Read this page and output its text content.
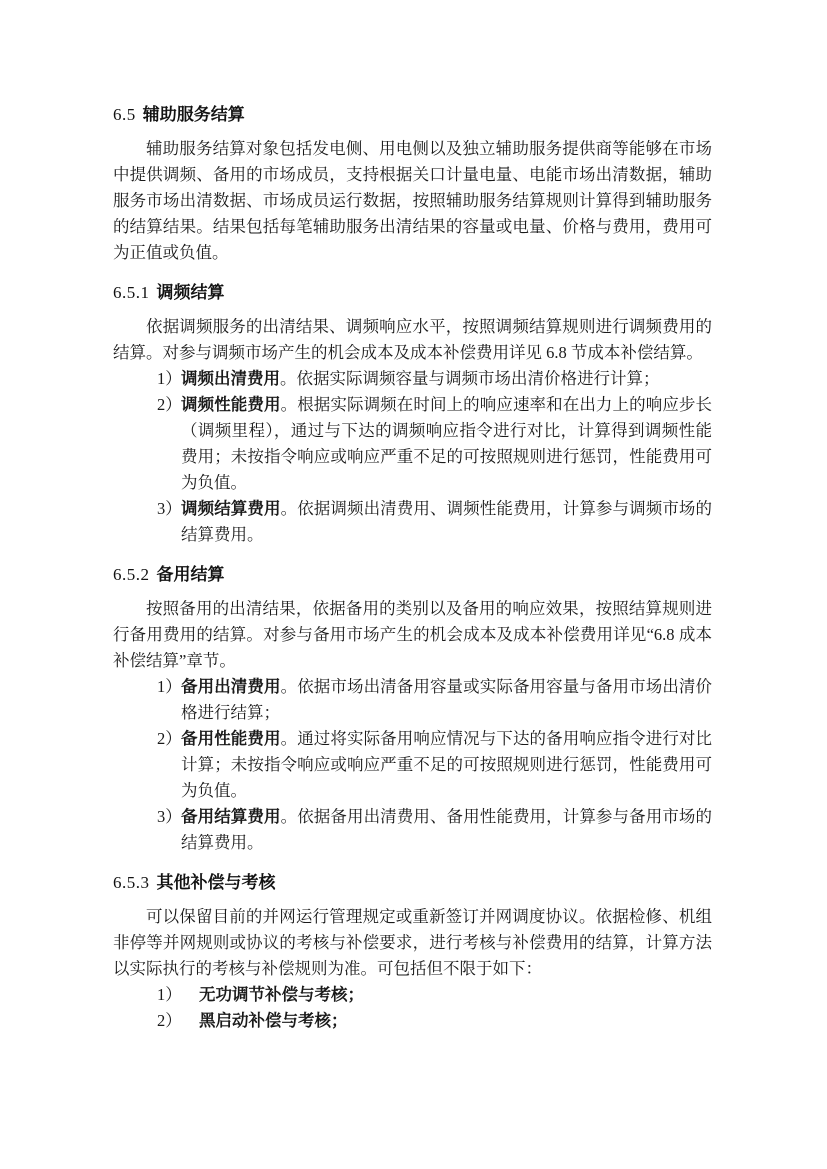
6.5 辅助服务结算

辅助服务结算对象包括发电侧、用电侧以及独立辅助服务提供商等能够在市场中提供调频、备用的市场成员，支持根据关口计量电量、电能市场出清数据，辅助服务市场出清数据、市场成员运行数据，按照辅助服务结算规则计算得到辅助服务的结算结果。结果包括每笔辅助服务出清结果的容量或电量、价格与费用，费用可为正值或负值。

6.5.1 调频结算

依据调频服务的出清结果、调频响应水平，按照调频结算规则进行调频费用的结算。对参与调频市场产生的机会成本及成本补偿费用详见 6.8 节成本补偿结算。

1） 调频出清费用。依据实际调频容量与调频市场出清价格进行计算；
2） 调频性能费用。根据实际调频在时间上的响应速率和在出力上的响应步长（调频里程），通过与下达的调频响应指令进行对比，计算得到调频性能费用；未按指令响应或响应严重不足的可按照规则进行惩罚，性能费用可为负值。
3） 调频结算费用。依据调频出清费用、调频性能费用，计算参与调频市场的结算费用。
6.5.2 备用结算

按照备用的出清结果，依据备用的类别以及备用的响应效果，按照结算规则进行备用费用的结算。对参与备用市场产生的机会成本及成本补偿费用详见“6.8 成本补偿结算”章节。

1） 备用出清费用。依据市场出清备用容量或实际备用容量与备用市场出清价格进行结算；
2） 备用性能费用。通过将实际备用响应情况与下达的备用响应指令进行对比计算；未按指令响应或响应严重不足的可按照规则进行惩罚，性能费用可为负值。
3） 备用结算费用。依据备用出清费用、备用性能费用，计算参与备用市场的结算费用。
6.5.3 其他补偿与考核

可以保留目前的并网运行管理规定或重新签订并网调度协议。依据检修、机组非停等并网规则或协议的考核与补偿要求，进行考核与补偿费用的结算，计算方法以实际执行的考核与补偿规则为准。可包括但不限于如下：

1） 无功调节补偿与考核；
2） 黑启动补偿与考核；
